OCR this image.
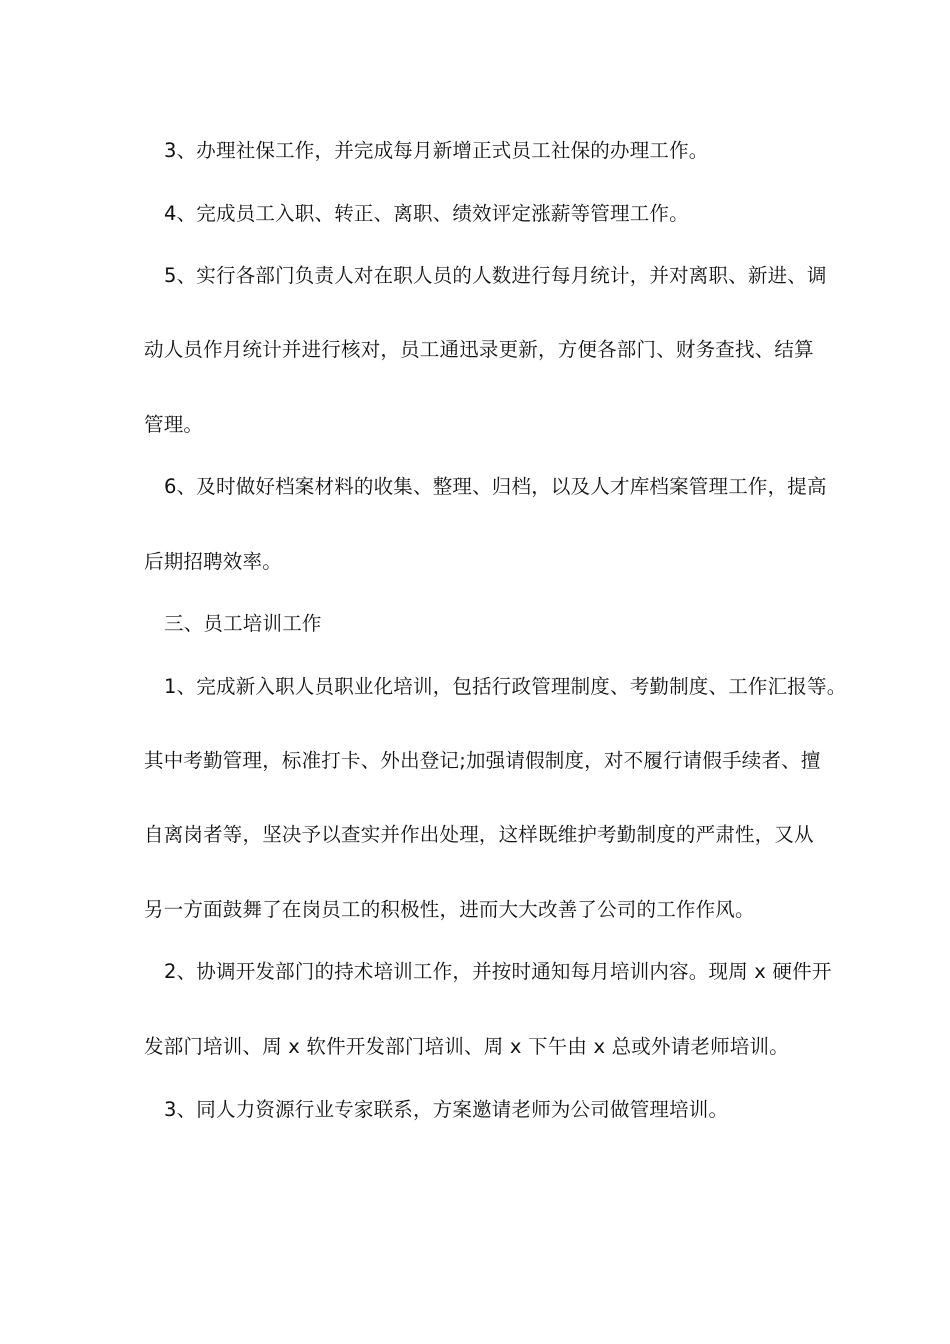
3、办理社保工作，并完成每月新增正式员工社保的办理工作。
4、完成员工入职、转正、离职、绩效评定涨薪等管理工作。
5、实行各部门负责人对在职人员的人数进行每月统计，并对离职、新进、调
动人员作月统计并进行核对，员工通迅录更新，方便各部门、财务查找、结算
管理。
6、及时做好档案材料的收集、整理、归档，以及人才库档案管理工作，提高
后期招聘效率。
三、员工培训工作
1、完成新入职人员职业化培训，包括行政管理制度、考勤制度、工作汇报等。
其中考勤管理，标准打卡、外出登记;加强请假制度，对不履行请假手续者、擅
自离岗者等，坚决予以查实并作出处理，这样既维护考勤制度的严肃性，又从
另一方面鼓舞了在岗员工的积极性，进而大大改善了公司的工作作风。
2、协调开发部门的持术培训工作，并按时通知每月培训内容。现周 x 硬件开
发部门培训、周 x 软件开发部门培训、周 x 下午由 x 总或外请老师培训。
3、同人力资源行业专家联系，方案邀请老师为公司做管理培训。
